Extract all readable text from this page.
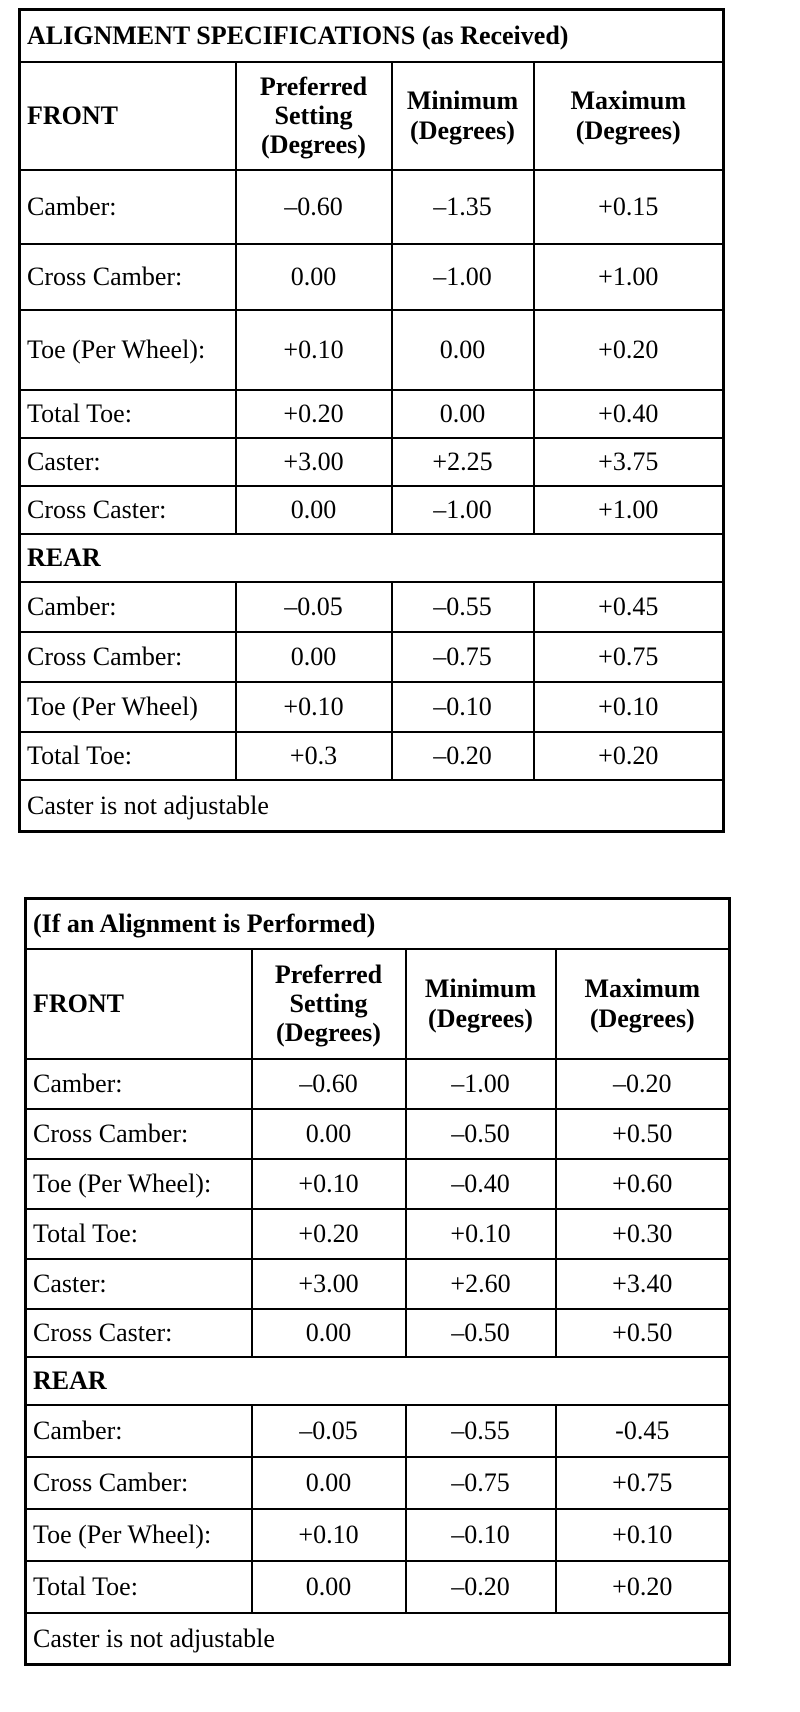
ALIGNMENT SPECIFICATIONS (as Received)			
FRONT	Preferred Setting (Degrees)	Minimum (Degrees)	Maximum (Degrees)
Camber:	–0.60	–1.35	+0.15
Cross Camber:	0.00	–1.00	+1.00
Toe (Per Wheel):	+0.10	0.00	+0.20
Total Toe:	+0.20	0.00	+0.40
Caster:	+3.00	+2.25	+3.75
Cross Caster:	0.00	–1.00	+1.00
REAR			
Camber:	–0.05	–0.55	+0.45
Cross Camber:	0.00	–0.75	+0.75
Toe (Per Wheel)	+0.10	–0.10	+0.10
Total Toe:	+0.3	–0.20	+0.20
Caster is not adjustable			
(If an Alignment is Performed)			
FRONT	Preferred Setting (Degrees)	Minimum (Degrees)	Maximum (Degrees)
Camber:	–0.60	–1.00	–0.20
Cross Camber:	0.00	–0.50	+0.50
Toe (Per Wheel):	+0.10	–0.40	+0.60
Total Toe:	+0.20	+0.10	+0.30
Caster:	+3.00	+2.60	+3.40
Cross Caster:	0.00	–0.50	+0.50
REAR			
Camber:	–0.05	–0.55	-0.45
Cross Camber:	0.00	–0.75	+0.75
Toe (Per Wheel):	+0.10	–0.10	+0.10
Total Toe:	0.00	–0.20	+0.20
Caster is not adjustable			
